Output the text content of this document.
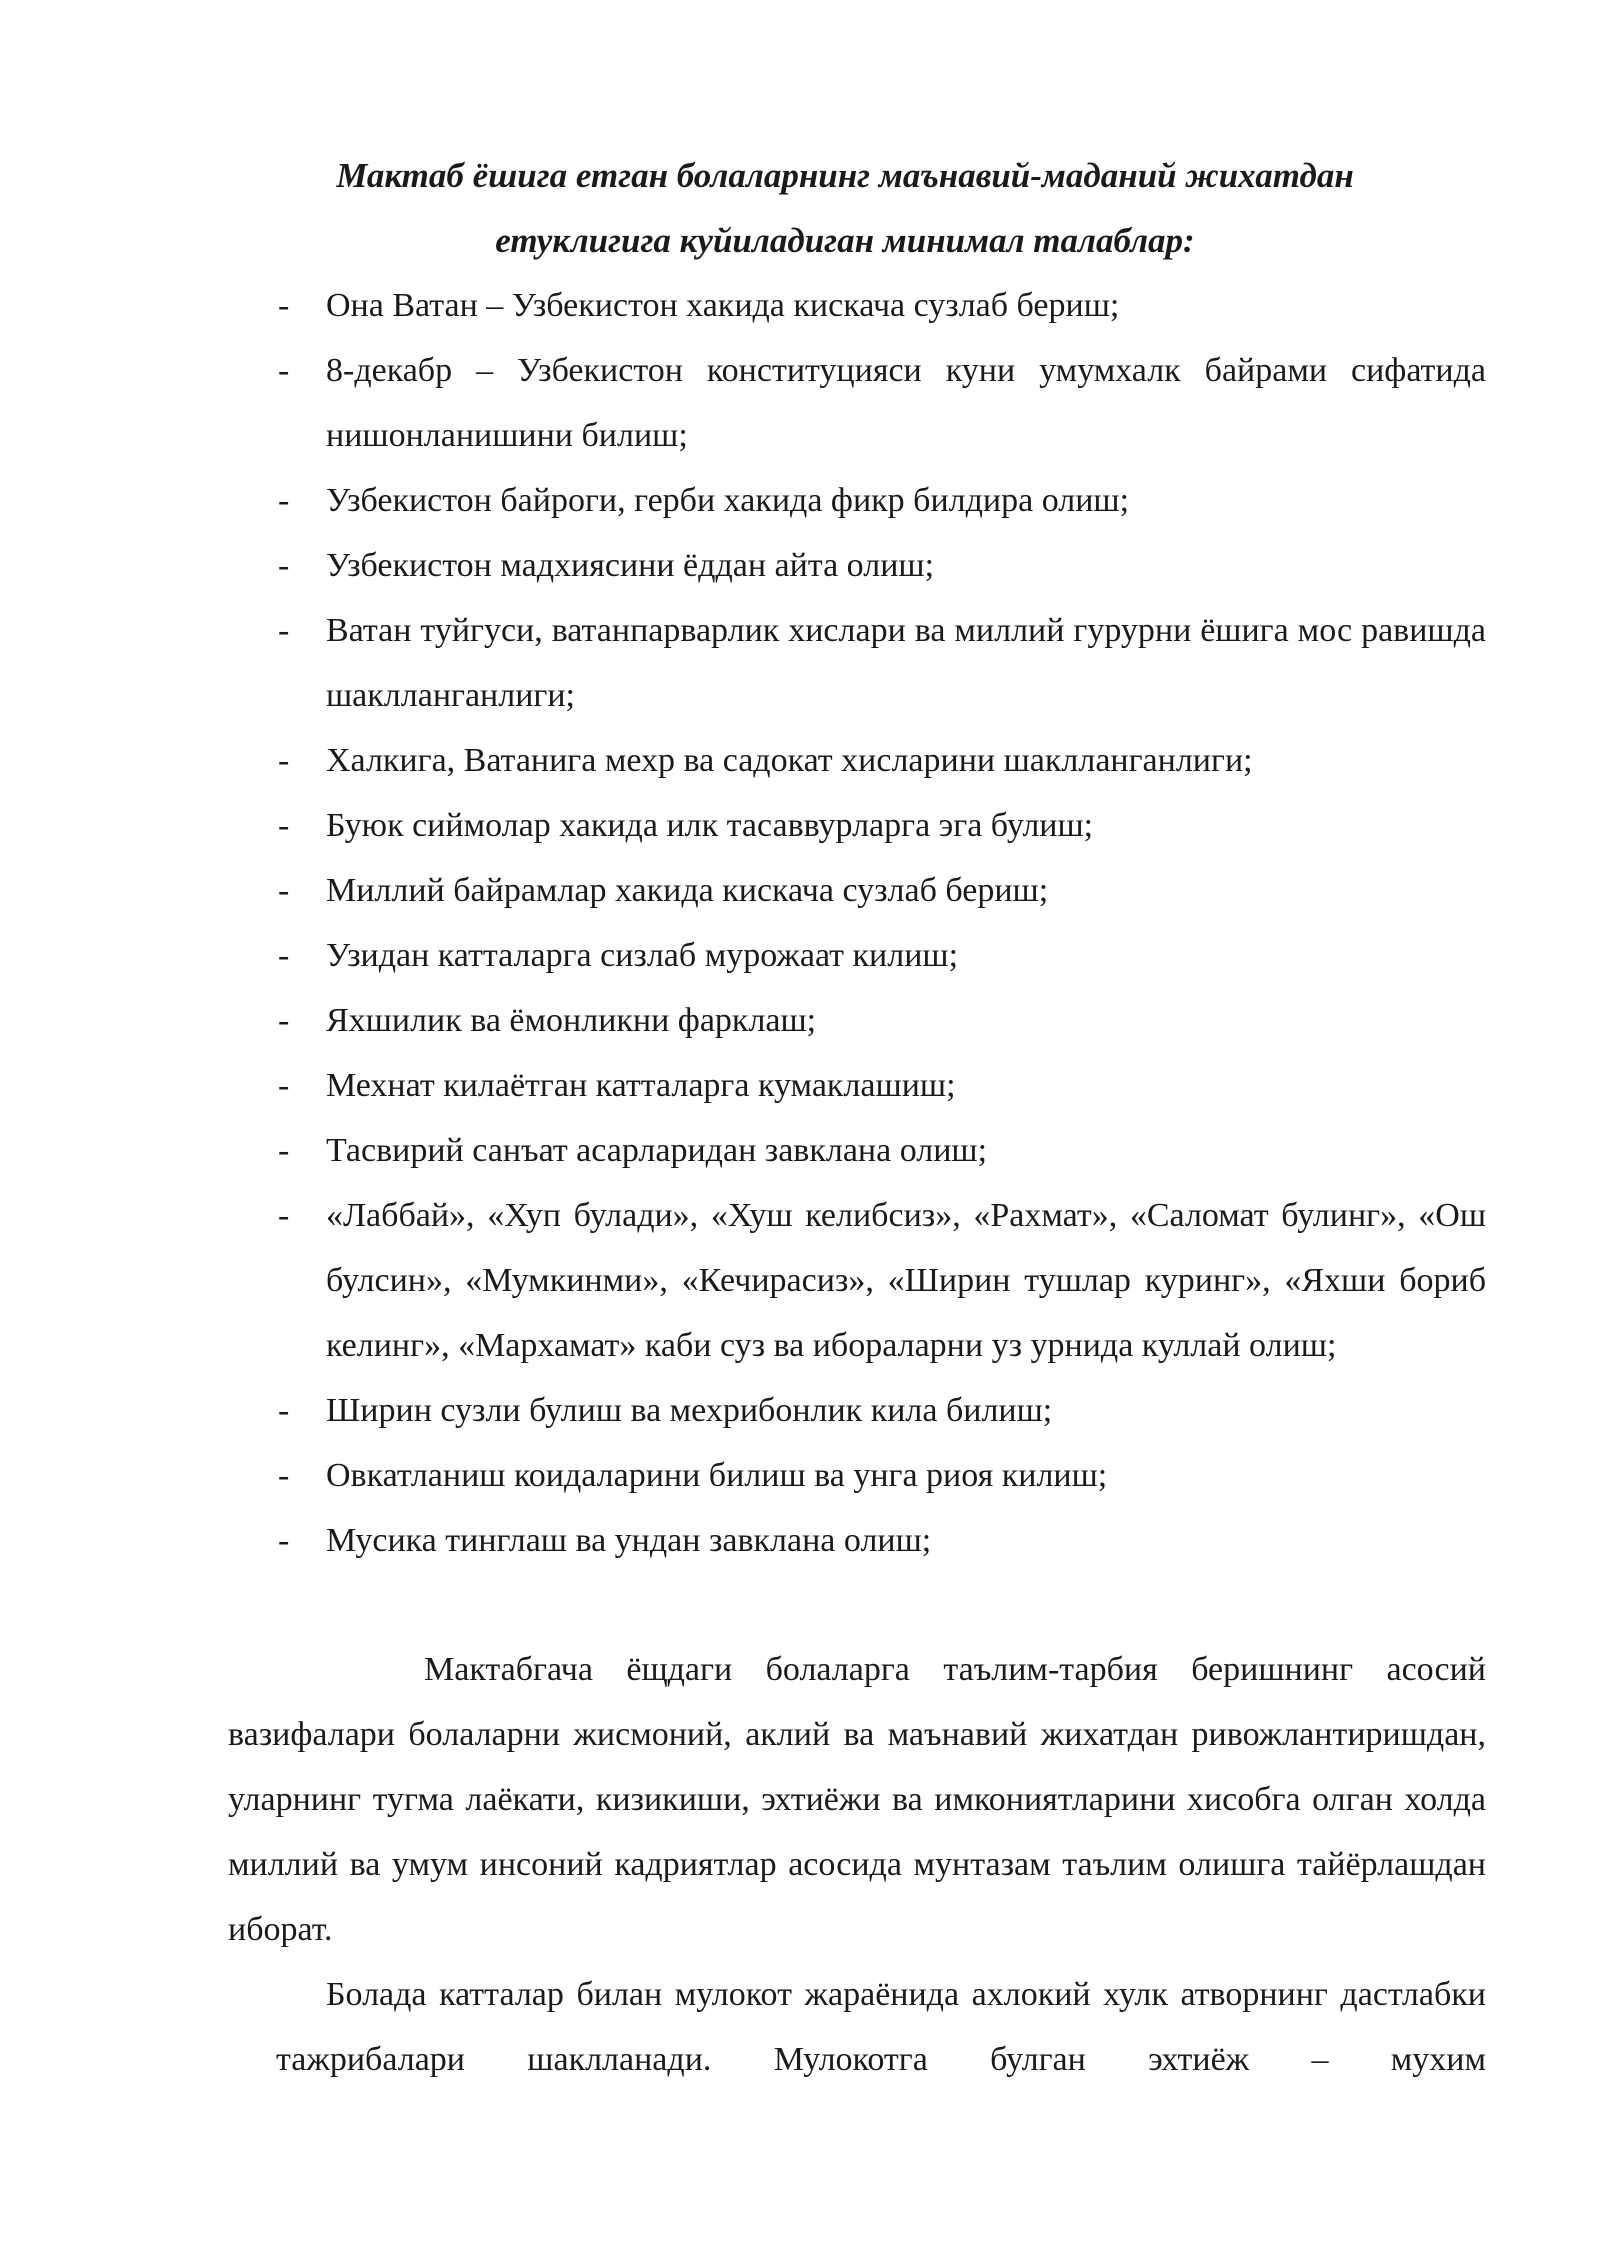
Мактаб ёшига етган болаларнинг маънавий-маданий жихатдан
етуклигига куйиладиган минимал талаблар:
- Она Ватан – Узбекистон хакида кискача сузлаб бериш;
- 8-декабр – Узбекистон конституцияси куни умумхалк байрами сифатида нишонланишини билиш;
- Узбекистон байроги, герби хакида фикр билдира олиш;
- Узбекистон мадхиясини ёддан айта олиш;
- Ватан туйгуси, ватанпарварлик хислари ва миллий гурурни ёшига мос равишда шаклланганлиги;
- Халкига, Ватанига мехр ва садокат хисларини шаклланганлиги;
- Буюк сиймолар хакида илк тасаввурларга эга булиш;
- Миллий байрамлар хакида кискача сузлаб бериш;
- Узидан катталарга сизлаб мурожаат килиш;
- Яхшилик ва ёмонликни фарклаш;
- Мехнат килаётган катталарга кумаклашиш;
- Тасвирий санъат асарларидан завклана олиш;
- «Лаббай», «Хуп булади», «Хуш келибсиз», «Рахмат», «Саломат булинг», «Ош булсин», «Мумкинми», «Кечирасиз», «Ширин тушлар куринг», «Яхши бориб келинг», «Мархамат» каби суз ва ибораларни уз урнида куллай олиш;
- Ширин сузли булиш ва мехрибонлик кила билиш;
- Овкатланиш коидаларини билиш ва унга риоя килиш;
- Мусика тинглаш ва ундан завклана олиш;

Мактабгача ёщдаги болаларга таълим-тарбия беришнинг асосий вазифалари болаларни жисмоний, аклий ва маънавий жихатдан ривожлантиришдан, уларнинг тугма лаёкати, кизикиши, эхтиёжи ва имкониятларини хисобга олган холда миллий ва умум инсоний кадриятлар асосида мунтазам таълим олишга тайёрлашдан иборат.

Болада катталар билан мулокот жараёнида ахлокий хулк атворнинг дастлабки тажрибалари шаклланади. Мулокотга булган эхтиёж – мухим
